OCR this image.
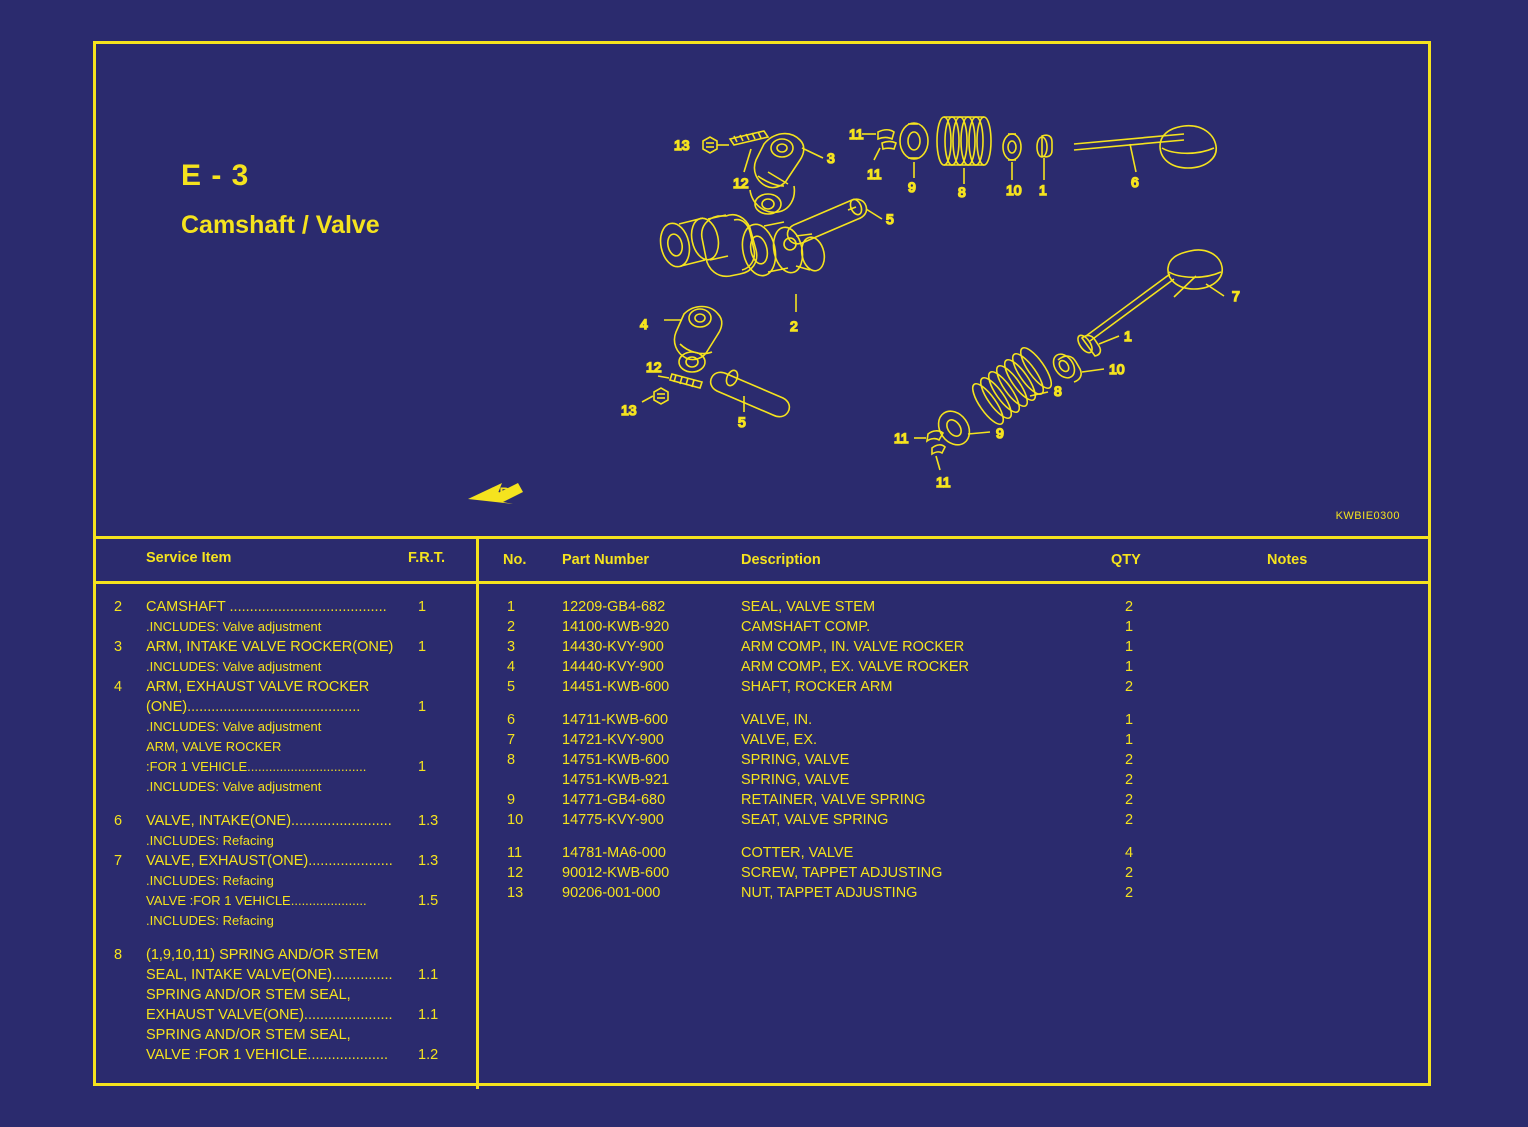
E - 3
Camshaft / Valve
13
12
3
5
2
4
12
13
5
11
11
9	8	10 1	6
7
1
10
8
9
11
11
FR.
KWBIE0300
Service Item	F.R.T.
2	CAMSHAFT ....................................... 1
.INCLUDES: Valve adjustment
3	ARM, INTAKE VALVE ROCKER(ONE) 1
.INCLUDES: Valve adjustment
4	ARM, EXHAUST VALVE ROCKER
(ONE)...........................................	1
.INCLUDES: Valve adjustment
ARM, VALVE ROCKER
:FOR 1 VEHICLE.................................	1
.INCLUDES: Valve adjustment
6	VALVE, INTAKE(ONE)......................... 1.3
.INCLUDES: Refacing
7	VALVE, EXHAUST(ONE)..................... 1.3
.INCLUDES: Refacing
VALVE :FOR 1 VEHICLE.....................	1.5
.INCLUDES: Refacing
8	(1,9,10,11) SPRING AND/OR STEM
SEAL, INTAKE VALVE(ONE)............... 1.1
SPRING AND/OR STEM SEAL,
EXHAUST VALVE(ONE)...................... 1.1
SPRING AND/OR STEM SEAL,
VALVE :FOR 1 VEHICLE.................... 1.2
No. Part Number	Description	QTY	Notes
1	12209-GB4-682	SEAL, VALVE STEM	2
2	14100-KWB-920	CAMSHAFT COMP.	1
3	14430-KVY-900	ARM COMP., IN. VALVE ROCKER	1
4	14440-KVY-900	ARM COMP., EX. VALVE ROCKER	1
5	14451-KWB-600	SHAFT, ROCKER ARM	2
6	14711-KWB-600	VALVE, IN.	1
7	14721-KVY-900	VALVE, EX.	1
8	14751-KWB-600	SPRING, VALVE	2
14751-KWB-921	SPRING, VALVE	2
9	14771-GB4-680	RETAINER, VALVE SPRING	2
10	14775-KVY-900	SEAT, VALVE SPRING	2
11	14781-MA6-000	COTTER, VALVE	4
12	90012-KWB-600	SCREW, TAPPET ADJUSTING	2
13	90206-001-000	NUT, TAPPET ADJUSTING	2
